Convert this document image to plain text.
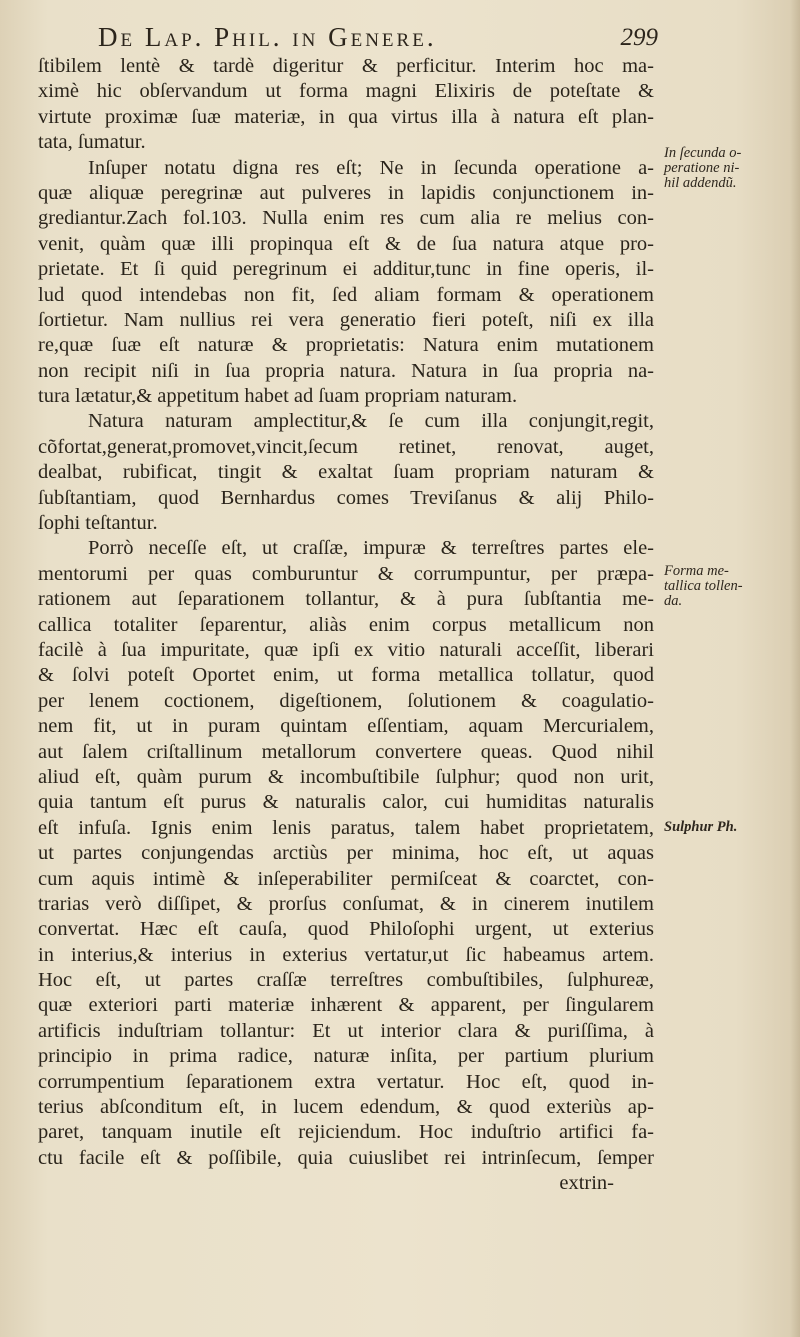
De Lap. Phil. in Genere.	299
ſtibilem lentè & tardè digeritur & perficitur. Interim hoc ma-
ximè hic obſervandum ut forma magni Elixiris de poteſtate &
virtute proximæ ſuæ materiæ, in qua virtus illa à natura eſt plan-
tata, ſumatur.
Inſuper notatu digna res eſt; Ne in ſecunda operatione a-
quæ aliquæ peregrinæ aut pulveres in lapidis conjunctionem in-
grediantur.Zach fol.103. Nulla enim res cum alia re melius con-
venit, quàm quæ illi propinqua eſt & de ſua natura atque pro-
prietate. Et ſi quid peregrinum ei additur,tunc in fine operis, il-
lud quod intendebas non fit, ſed aliam formam & operationem
ſortietur. Nam nullius rei vera generatio fieri poteſt, niſi ex illa
re,quæ ſuæ eſt naturæ & proprietatis: Natura enim mutationem
non recipit niſi in ſua propria natura. Natura in ſua propria na-
tura lætatur,& appetitum habet ad ſuam propriam naturam.
Natura naturam amplectitur,& ſe cum illa conjungit,regit,
cõfortat,generat,promovet,vincit,ſecum retinet, renovat, auget,
dealbat, rubificat, tingit & exaltat ſuam propriam naturam &
ſubſtantiam, quod Bernhardus comes Treviſanus & alij Philo-
ſophi teſtantur.
Porrò neceſſe eſt, ut craſſæ, impuræ & terreſtres partes ele-
mentorumi per quas comburuntur & corrumpuntur, per præpa-
rationem aut ſeparationem tollantur, & à pura ſubſtantia me-
callica totaliter ſeparentur, aliàs enim corpus metallicum non
facilè à ſua impuritate, quæ ipſi ex vitio naturali acceſſit, liberari
& ſolvi poteſt Oportet enim, ut forma metallica tollatur, quod
per lenem coctionem, digeſtionem, ſolutionem & coagulatio-
nem fit, ut in puram quintam eſſentiam, aquam Mercurialem,
aut ſalem criſtallinum metallorum convertere queas. Quod nihil
aliud eſt, quàm purum & incombuſtibile ſulphur; quod non urit,
quia tantum eſt purus & naturalis calor, cui humiditas naturalis
eſt infuſa. Ignis enim lenis paratus, talem habet proprietatem,
ut partes conjungendas arctiùs per minima, hoc eſt, ut aquas
cum aquis intimè & inſeperabiliter permiſceat & coarctet, con-
trarias verò diſſipet, & prorſus conſumat, & in cinerem inutilem
convertat. Hæc eſt cauſa, quod Philoſophi urgent, ut exterius
in interius,& interius in exterius vertatur,ut ſic habeamus artem.
Hoc eſt, ut partes craſſæ terreſtres combuſtibiles, ſulphureæ,
quæ exteriori parti materiæ inhærent & apparent, per ſingularem
artificis induſtriam tollantur: Et ut interior clara & puriſſima, à
principio in prima radice, naturæ inſita, per partium plurium
corrumpentium ſeparationem extra vertatur. Hoc eſt, quod in-
terius abſconditum eſt, in lucem edendum, & quod exteriùs ap-
paret, tanquam inutile eſt rejiciendum. Hoc induſtrio artifici fa-
ctu facile eſt & poſſibile, quia cuiuslibet rei intrinſecum, ſemper
extrin-
In ſecunda o-
peratione ni-
hil addendũ.
Forma me-
tallica tollen-
da.
Sulphur Ph.
